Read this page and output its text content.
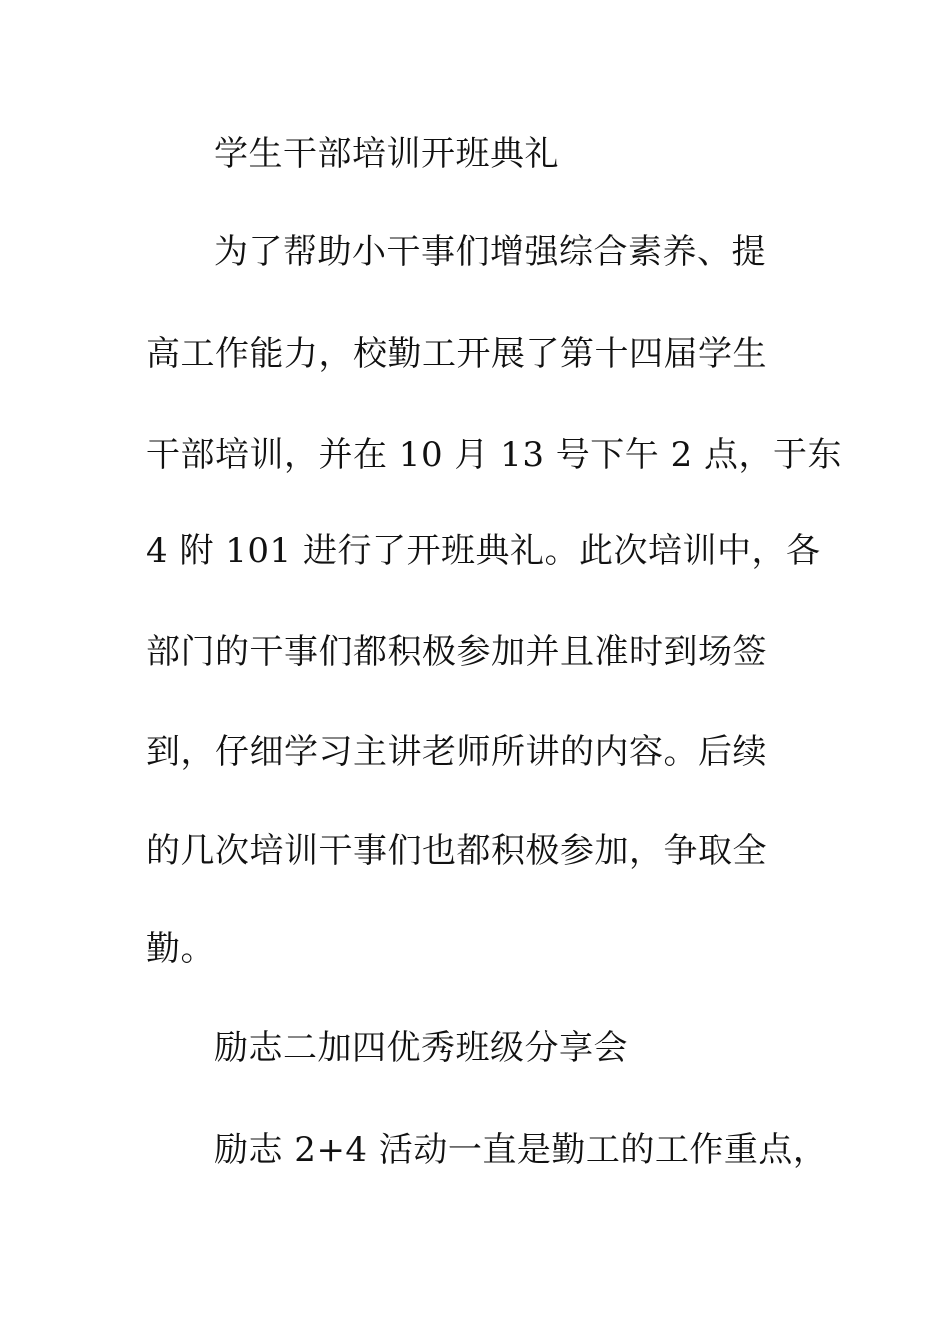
学生干部培训开班典礼
为了帮助小干事们增强综合素养、提
高工作能力，校勤工开展了第十四届学生
干部培训，并在 10 月 13 号下午 2 点，于东
4 附 101 进行了开班典礼。此次培训中，各
部门的干事们都积极参加并且准时到场签
到，仔细学习主讲老师所讲的内容。后续
的几次培训干事们也都积极参加，争取全
勤。
励志二加四优秀班级分享会
励志 2+4 活动一直是勤工的工作重点，
